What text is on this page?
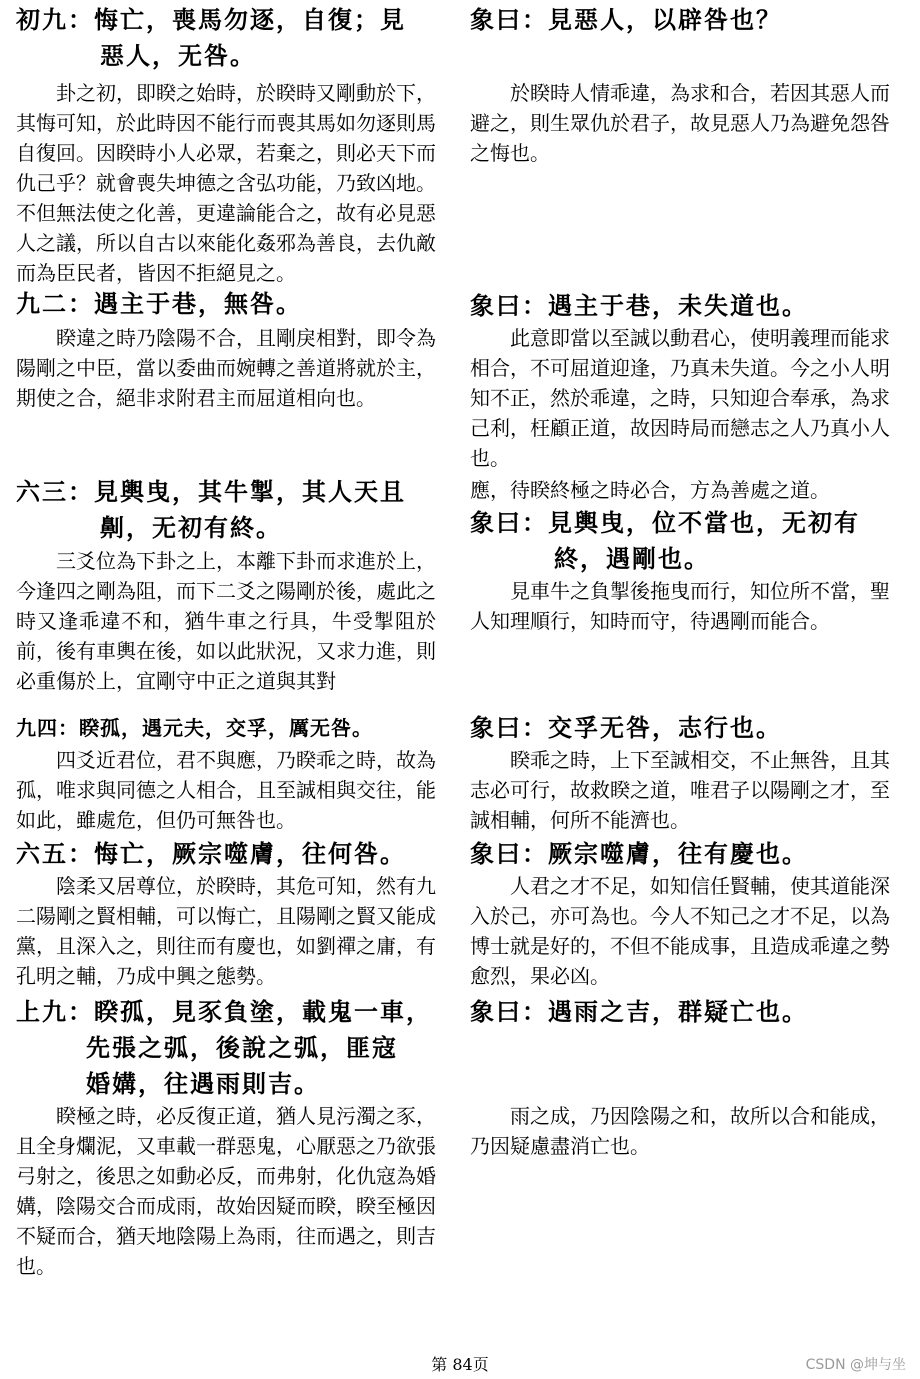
初九：悔亡，喪馬勿逐，自復；見
惡人，无咎。

卦之初，即睽之始時，於睽時又剛動於下，其悔可知，於此時因不能行而喪其馬如勿逐則馬自復回。因睽時小人必眾，若棄之，則必天下而仇己乎？就會喪失坤德之含弘功能，乃致凶地。不但無法使之化善，更違論能合之，故有必見惡人之議，所以自古以來能化姦邪為善良，去仇敵而為臣民者，皆因不拒絕見之。

九二：遇主于巷，無咎。

睽違之時乃陰陽不合，且剛戾相對，即令為陽剛之中臣，當以委曲而婉轉之善道將就於主，期使之合，絕非求附君主而屈道相向也。

六三：見輿曳，其牛掣，其人天且
劓，无初有終。

三爻位為下卦之上，本離下卦而求進於上，今逢四之剛為阻，而下二爻之陽剛於後，處此之時又逢乖違不和，猶牛車之行具，牛受掣阻於前，後有車輿在後，如以此狀況，又求力進，則必重傷於上，宜剛守中正之道與其對

九四：睽孤，遇元夫，交孚，厲无咎。

四爻近君位，君不與應，乃睽乖之時，故為孤，唯求與同德之人相合，且至誠相與交往，能如此，雖處危，但仍可無咎也。

六五：悔亡，厥宗噬膚，往何咎。

陰柔又居尊位，於睽時，其危可知，然有九二陽剛之賢相輔，可以悔亡，且陽剛之賢又能成黨，且深入之，則往而有慶也，如劉禪之庸，有孔明之輔，乃成中興之態勢。

上九：睽孤，見豕負塗，載鬼一車，
先張之弧，後說之弧，匪寇
婚媾，往遇雨則吉。

睽極之時，必反復正道，猶人見污濁之豕，且全身爛泥，又車載一群惡鬼，心厭惡之乃欲張弓射之，後思之如動必反，而弗射，化仇寇為婚媾，陰陽交合而成雨，故始因疑而睽，睽至極因不疑而合，猶天地陰陽上為雨，往而遇之，則吉也。

象曰：見惡人，以辟咎也？

於睽時人情乖違，為求和合，若因其惡人而避之，則生眾仇於君子，故見惡人乃為避免怨咎之悔也。

象曰：遇主于巷，未失道也。

此意即當以至誠以動君心，使明義理而能求相合，不可屈道迎逢，乃真未失道。今之小人明知不正，然於乖違，之時，只知迎合奉承，為求己利，枉顧正道，故因時局而戀志之人乃真小人也。

應，待睽終極之時必合，方為善處之道。

象曰：見輿曳，位不當也，无初有
終，遇剛也。

見車牛之負掣後拖曳而行，知位所不當，聖人知理順行，知時而守，待遇剛而能合。

象曰：交孚无咎，志行也。

睽乖之時，上下至誠相交，不止無咎，且其志必可行，故救睽之道，唯君子以陽剛之才，至誠相輔，何所不能濟也。

象曰：厥宗噬膚，往有慶也。

人君之才不足，如知信任賢輔，使其道能深入於己，亦可為也。今人不知己之才不足，以為博士就是好的，不但不能成事，且造成乖違之勢愈烈，果必凶。

象曰：遇雨之吉，群疑亡也。

雨之成，乃因陰陽之和，故所以合和能成，乃因疑慮盡消亡也。

第 84页	CSDN @坤与坐
